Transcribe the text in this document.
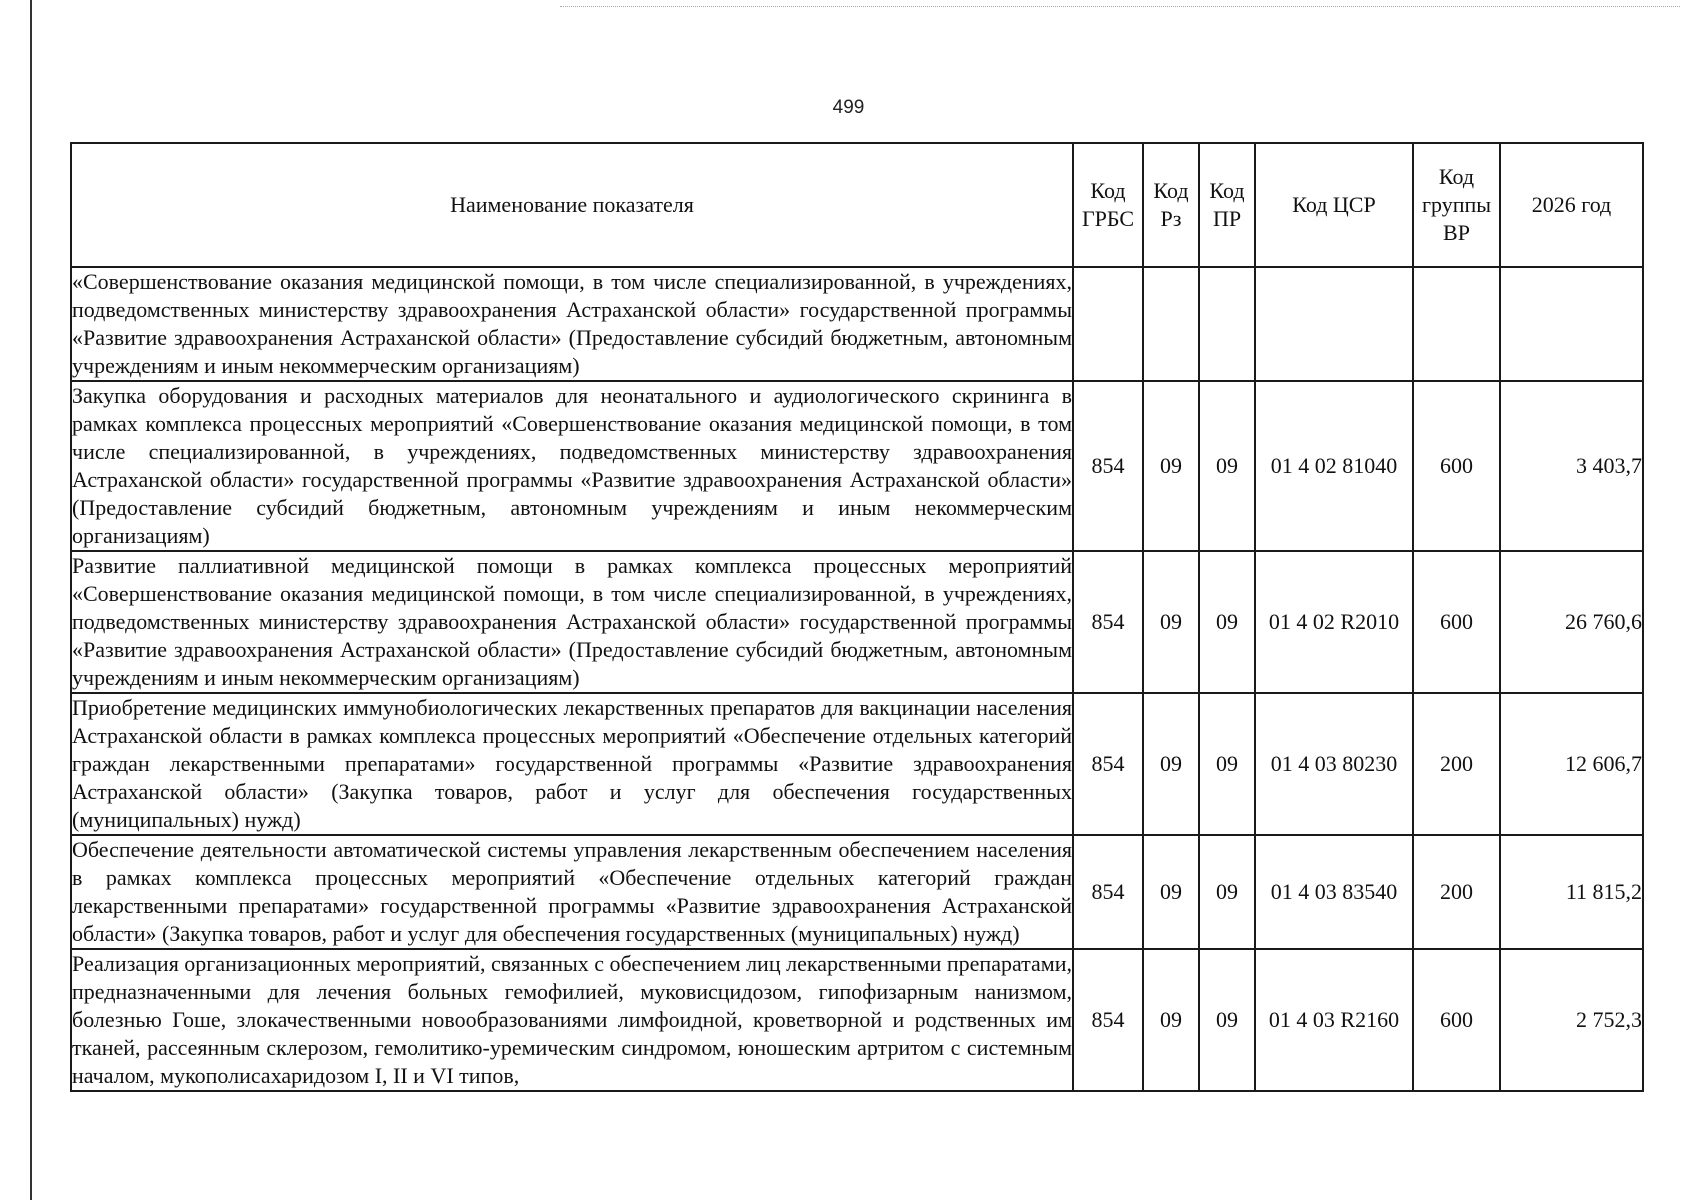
499
Наименование показателя	Код ГРБС	Код Рз	Код ПР	Код ЦСР	Код группы ВР	2026 год
«Совершенствование оказания медицинской помощи, в том числе специализированной, в учреждениях, подведомственных министерству здравоохранения Астраханской области» государственной программы «Развитие здравоохранения Астраханской области» (Предоставление субсидий бюджетным, автономным учреждениям и иным некоммерческим организациям)						
Закупка оборудования и расходных материалов для неонатального и аудиологического скрининга в рамках комплекса процессных мероприятий «Совершенствование оказания медицинской помощи, в том числе специализированной, в учреждениях, подведомственных министерству здравоохранения Астраханской области» государственной программы «Развитие здравоохранения Астраханской области» (Предоставление субсидий бюджетным, автономным учреждениям и иным некоммерческим организациям)	854	09	09	01 4 02 81040	600	3 403,7
Развитие паллиативной медицинской помощи в рамках комплекса процессных мероприятий «Совершенствование оказания медицинской помощи, в том числе специализированной, в учреждениях, подведомственных министерству здравоохранения Астраханской области» государственной программы «Развитие здравоохранения Астраханской области» (Предоставление субсидий бюджетным, автономным учреждениям и иным некоммерческим организациям)	854	09	09	01 4 02 R2010	600	26 760,6
Приобретение медицинских иммунобиологических лекарственных препаратов для вакцинации населения Астраханской области в рамках комплекса процессных мероприятий «Обеспечение отдельных категорий граждан лекарственными препаратами» государственной программы «Развитие здравоохранения Астраханской области» (Закупка товаров, работ и услуг для обеспечения государственных (муниципальных) нужд)	854	09	09	01 4 03 80230	200	12 606,7
Обеспечение деятельности автоматической системы управления лекарственным обеспечением населения в рамках комплекса процессных мероприятий «Обеспечение отдельных категорий граждан лекарственными препаратами» государственной программы «Развитие здравоохранения Астраханской области» (Закупка товаров, работ и услуг для обеспечения государственных (муниципальных) нужд)	854	09	09	01 4 03 83540	200	11 815,2
Реализация организационных мероприятий, связанных с обеспечением лиц лекарственными препаратами, предназначенными для лечения больных гемофилией, муковисцидозом, гипофизарным нанизмом, болезнью Гоше, злокачественными новообразованиями лимфоидной, кроветворной и родственных им тканей, рассеянным склерозом, гемолитико-уремическим синдромом, юношеским артритом с системным началом, мукополисахаридозом I, II и VI типов,	854	09	09	01 4 03 R2160	600	2 752,3
